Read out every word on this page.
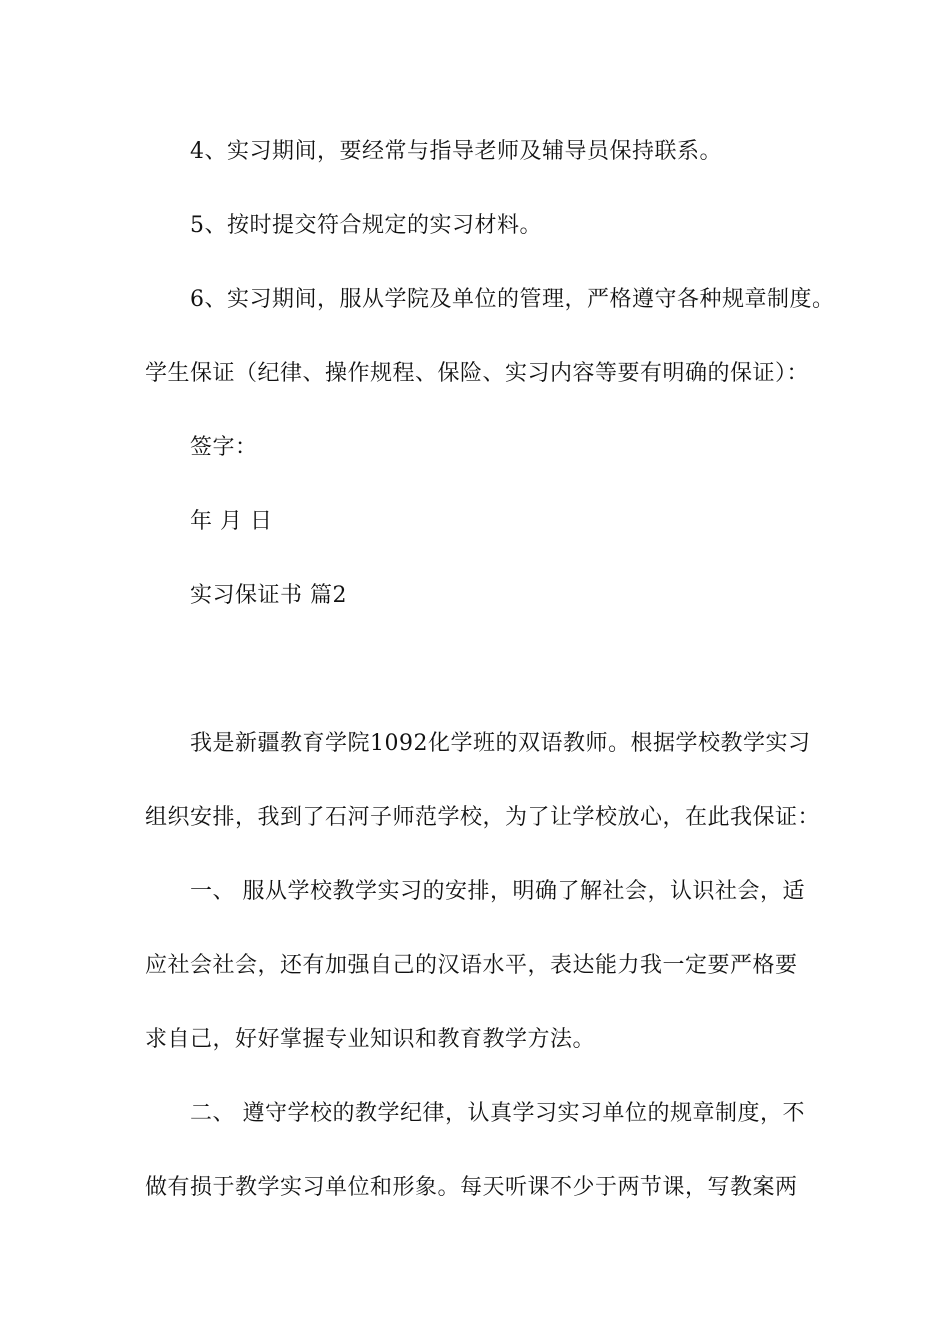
4、实习期间，要经常与指导老师及辅导员保持联系。
5、按时提交符合规定的实习材料。
6、实习期间，服从学院及单位的管理，严格遵守各种规章制度。
学生保证（纪律、操作规程、保险、实习内容等要有明确的保证）：
签字：
年 月 日
实习保证书 篇2
我是新疆教育学院1092化学班的双语教师。根据学校教学实习
组织安排，我到了石河子师范学校，为了让学校放心，在此我保证：
一、 服从学校教学实习的安排，明确了解社会，认识社会，适
应社会社会，还有加强自己的汉语水平，表达能力我一定要严格要
求自己，好好掌握专业知识和教育教学方法。
二、 遵守学校的教学纪律，认真学习实习单位的规章制度，不
做有损于教学实习单位和形象。每天听课不少于两节课，写教案两
